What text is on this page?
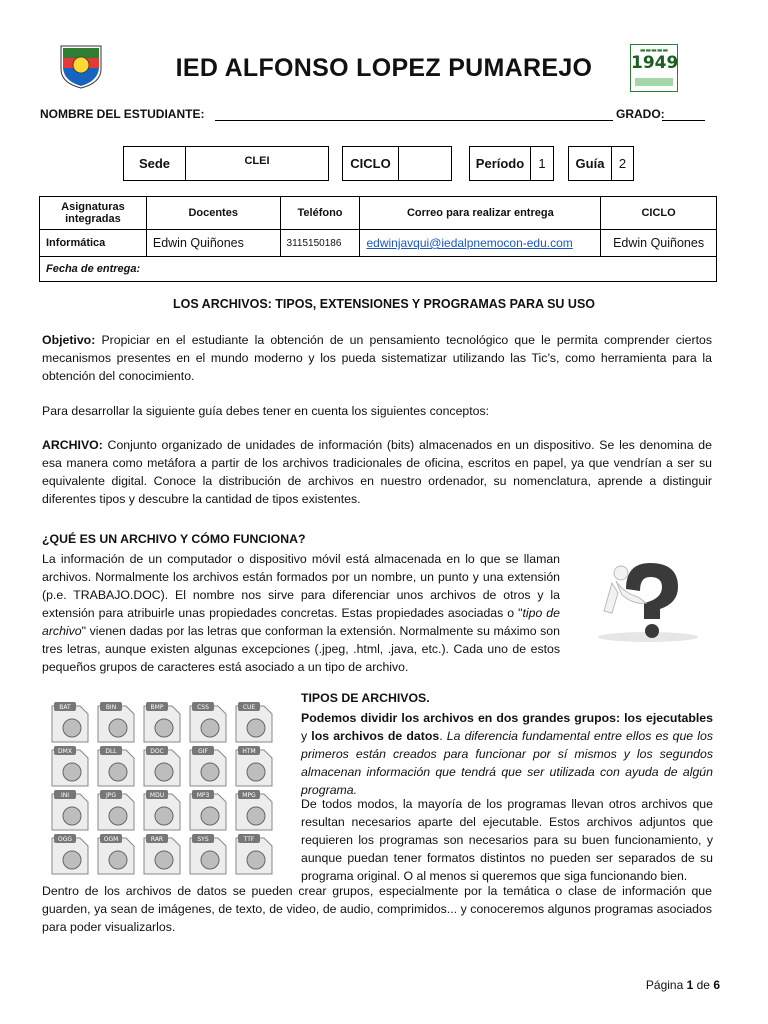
IED ALFONSO LOPEZ PUMAREJO
▬▬▬▬▬
1949
NOMBRE DEL ESTUDIANTE:	GRADO:
Sede	CLEI	CICLO	Período	1	Guía	2
Asignaturas integradas	Docentes	Teléfono	Correo para realizar entrega	CICLO
Informática	Edwin Quiñones	3115150186	edwinjavqui@iedalpnemocon-edu.com	Edwin Quiñones
Fecha de entrega:				
LOS ARCHIVOS: TIPOS, EXTENSIONES Y PROGRAMAS PARA SU USO

Objetivo: Propiciar en el estudiante la obtención de un pensamiento tecnológico que le permita comprender ciertos mecanismos presentes en el mundo moderno y los pueda sistematizar utilizando las Tic’s, como herramienta para la obtención del conocimiento.

Para desarrollar la siguiente guía debes tener en cuenta los siguientes conceptos:

ARCHIVO: Conjunto organizado de unidades de información (bits) almacenados en un dispositivo. Se les denomina de esa manera como metáfora a partir de los archivos tradicionales de oficina, escritos en papel, ya que vendrían a ser su equivalente digital. Conoce la distribución de archivos en nuestro ordenador, su nomenclatura, aprende a distinguir diferentes tipos y descubre la cantidad de tipos existentes.

¿QUÉ ES UN ARCHIVO Y CÓMO FUNCIONA?

La información de un computador o dispositivo móvil está almacenada en lo que se llaman archivos. Normalmente los archivos están formados por un nombre, un punto y una extensión (p.e. TRABAJO.DOC). El nombre nos sirve para diferenciar unos archivos de otros y la extensión para atribuirle unas propiedades concretas. Estas propiedades asociadas o "tipo de archivo" vienen dadas por las letras que conforman la extensión. Normalmente su máximo son tres letras, aunque existen algunas excepciones (.jpeg, .html, .java, etc.). Cada uno de estos pequeños grupos de caracteres está asociado a un tipo de archivo.

BAT	BIN	BMP	CSS	CUE
DMX	DLL	DOC	GIF	HTM
INI	JPG	MDU	MP3	MPG
OGG	OGM	RAR	SYS	TTF
TIPOS DE ARCHIVOS.

Podemos dividir los archivos en dos grandes grupos: los ejecutables y los archivos de datos. La diferencia fundamental entre ellos es que los primeros están creados para funcionar por sí mismos y los segundos almacenan información que tendrá que ser utilizada con ayuda de algún programa.

De todos modos, la mayoría de los programas llevan otros archivos que resultan necesarios aparte del ejecutable. Estos archivos adjuntos que requieren los programas son necesarios para su buen funcionamiento, y aunque puedan tener formatos distintos no pueden ser separados de su programa original. O al menos si queremos que siga funcionando bien.

Dentro de los archivos de datos se pueden crear grupos, especialmente por la temática o clase de información que guarden, ya sean de imágenes, de texto, de video, de audio, comprimidos... y conoceremos algunos programas asociados para poder visualizarlos.

Página 1 de 6
